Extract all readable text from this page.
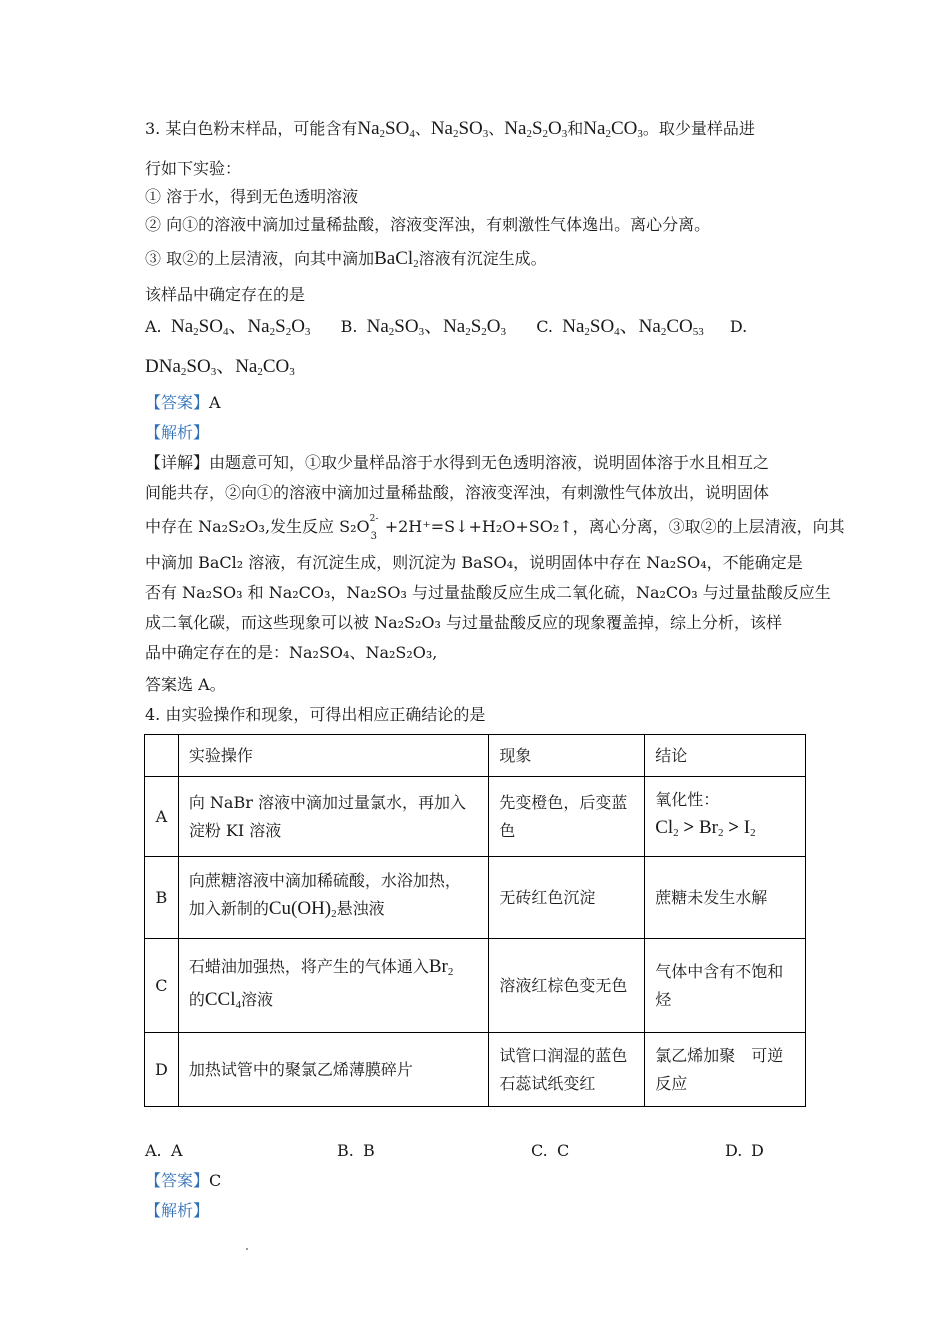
3. 某白色粉末样品，可能含有$Na_2SO_4$、$Na_2SO_3$、$Na_2S_2O_3$和$Na_2CO_3$。取少量样品进
行如下实验：
① 溶于水，得到无色透明溶液
② 向①的溶液中滴加过量稀盐酸，溶液变浑浊，有刺激性气体逸出。离心分离。
③ 取②的上层清液，向其中滴加BaCl$_2$溶液有沉淀生成。
该样品中确定存在的是
A. $Na_2SO_4$、$Na_2S_2O_3$ B. $Na_2SO_3$、$Na_2S_2O_3$ C. $Na_2SO_4$、$Na_2CO_{53}$ D.
$DNa_2SO_3$、$Na_2CO_3$
【答案】A
【解析】
【详解】由题意可知，①取少量样品溶于水得到无色透明溶液，说明固体溶于水且相互之
间能共存，②向①的溶液中滴加过量稀盐酸，溶液变浑浊，有刺激性气体放出，说明固体
中存在 Na₂S₂O₃,发生反应 S₂O 2-
3 +2H⁺=S↓+H₂O+SO₂↑，离心分离，③取②的上层清液，向其
中滴加 BaCl₂ 溶液，有沉淀生成，则沉淀为 BaSO₄，说明固体中存在 Na₂SO₄，不能确定是
否有 Na₂SO₃ 和 Na₂CO₃，Na₂SO₃ 与过量盐酸反应生成二氧化硫，Na₂CO₃ 与过量盐酸反应生
成二氧化碳，而这些现象可以被 Na₂S₂O₃ 与过量盐酸反应的现象覆盖掉，综上分析，该样
品中确定存在的是：Na₂SO₄、Na₂S₂O₃,
答案选 A。
4. 由实验操作和现象，可得出相应正确结论的是
	实验操作	现象	结论
A	向 NaBr 溶液中滴加过量氯水，再加入淀粉 KI 溶液	先变橙色，后变蓝色	氧化性：
$Cl_2 > Br_2 > I_2$
B	向蔗糖溶液中滴加稀硫酸，水浴加热，
加入新制的$Cu(OH)_2$悬浊液	无砖红色沉淀	蔗糖未发生水解
C	石蜡油加强热，将产生的气体通入$Br_2$
的CCl$_4$溶液	溶液红棕色变无色	气体中含有不饱和烃
D	加热试管中的聚氯乙烯薄膜碎片	试管口润湿的蓝色石蕊试纸变红	氯乙烯加聚　可逆反应
A. A	B. B	C. C	D. D
【答案】C
【解析】
